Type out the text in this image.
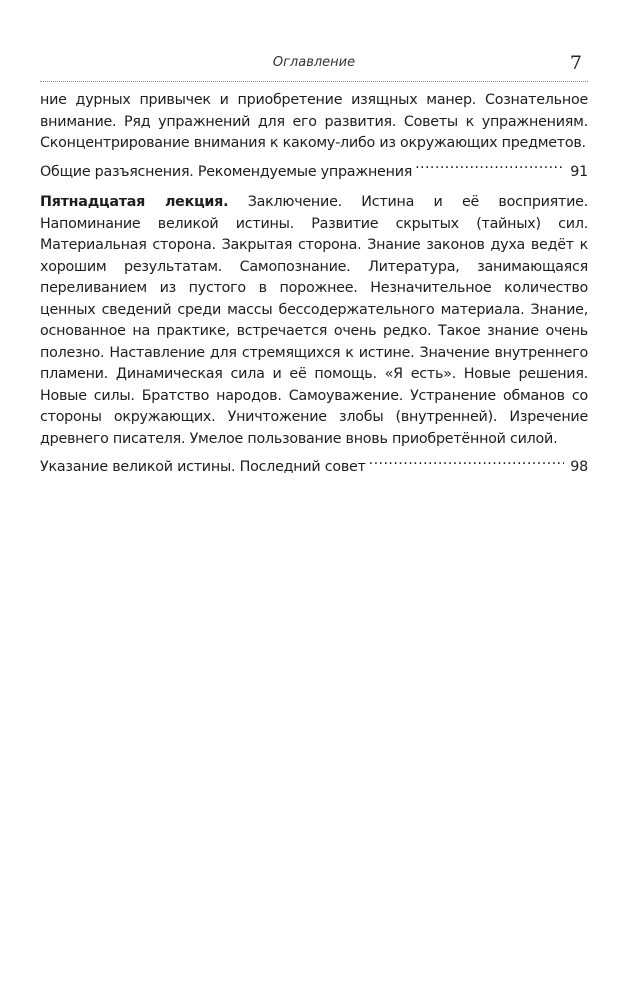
Оглавление	7

ние дурных привычек и приобретение изящных манер. Сознательное внимание. Ряд упражнений для его развития. Советы к упражнениям. Сконцентрирование внимания к какому-либо из окружающих предметов.
Общие разъяснения. Рекомендуемые упражнения .....	91

Пятнадцатая лекция. Заключение. Истина и её восприятие. Напоминание великой истины. Развитие скрытых (тайных) сил. Материальная сторона. Закрытая сторона. Знание законов духа ведёт к хорошим результатам. Самопознание. Литература, занимающаяся переливанием из пустого в порожнее. Незначительное количество ценных сведений среди массы бессодержательного материала. Знание, основанное на практике, встречается очень редко. Такое знание очень полезно. Наставление для стремящихся к истине. Значение внутреннего пламени. Динамическая сила и её помощь. «Я есть». Новые решения. Новые силы. Братство народов. Самоуважение. Устранение обманов со стороны окружающих. Уничтожение злобы (внутренней). Изречение древнего писателя. Умелое пользование вновь приобретённой силой.
Указание великой истины. Последний совет .....	98
